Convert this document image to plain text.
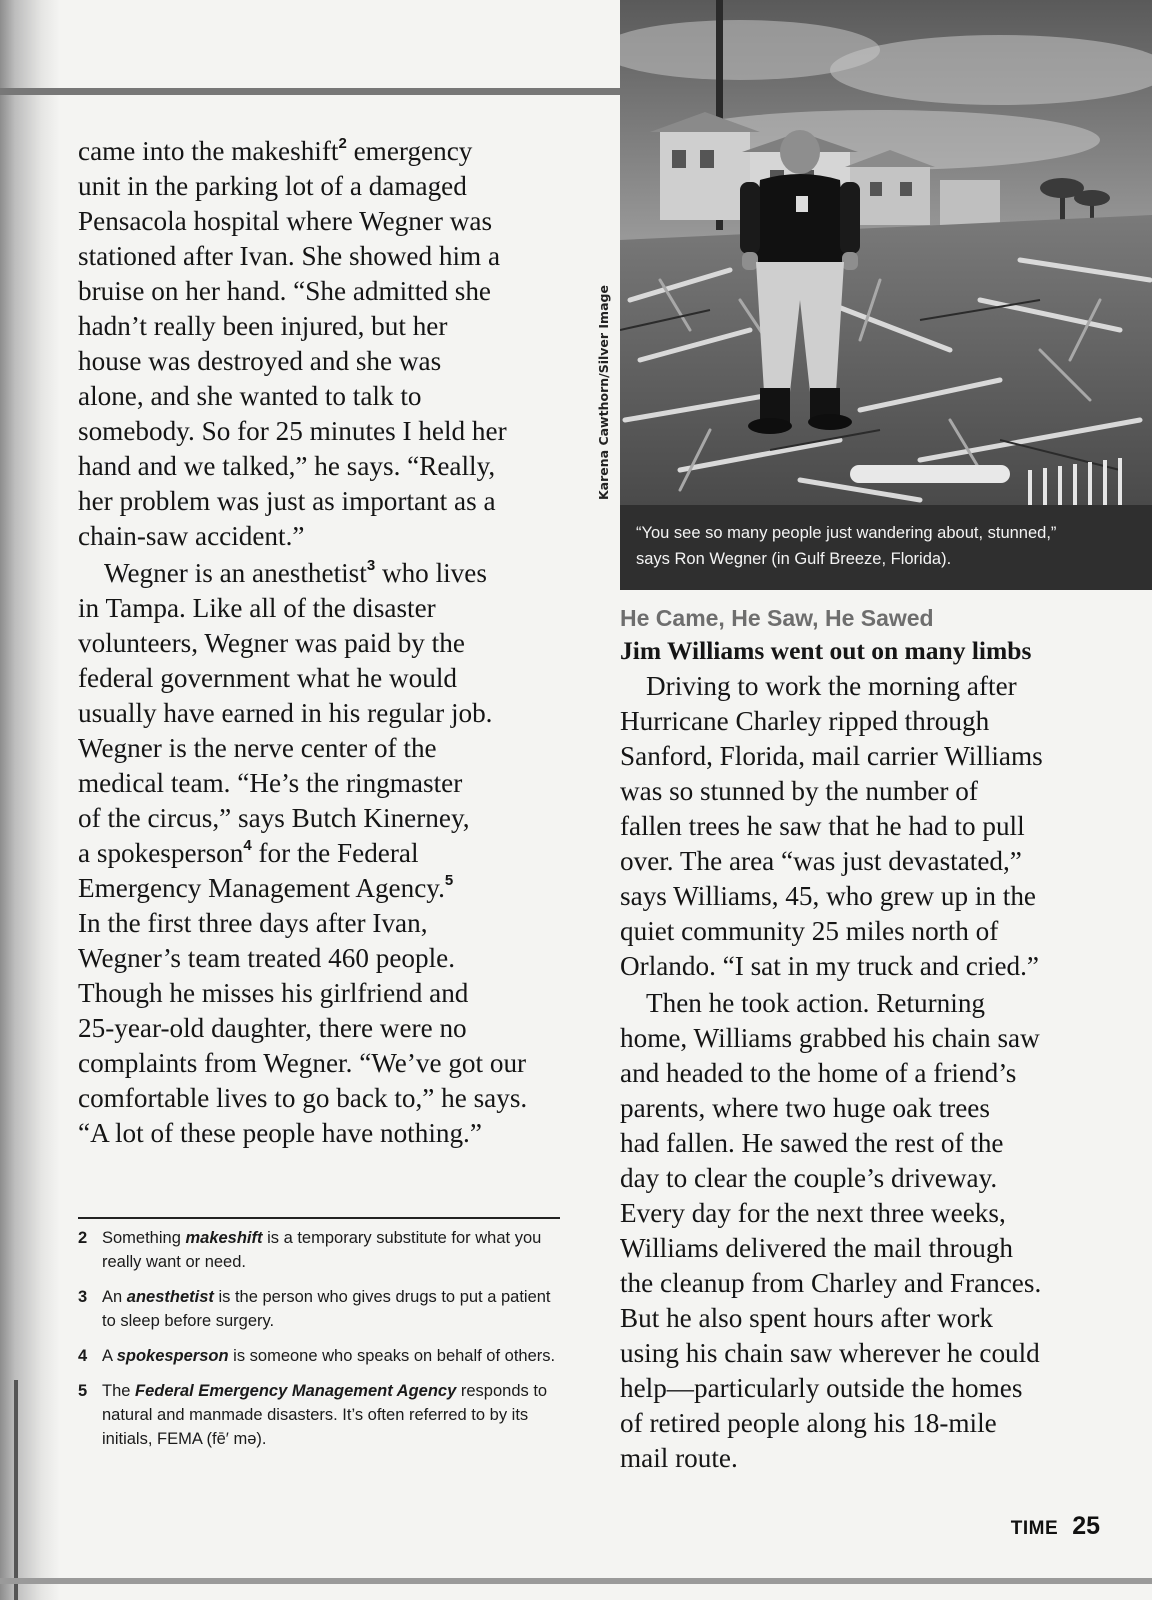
came into the makeshift$^2$ emergency
unit in the parking lot of a damaged
Pensacola hospital where Wegner was
stationed after Ivan. She showed him a
bruise on her hand. “She admitted she
hadn’t really been injured, but her
house was destroyed and she was
alone, and she wanted to talk to
somebody. So for 25 minutes I held her
hand and we talked,” he says. “Really,
her problem was just as important as a
chain-saw accident.”
Wegner is an anesthetist$^3$ who lives
in Tampa. Like all of the disaster
volunteers, Wegner was paid by the
federal government what he would
usually have earned in his regular job.
Wegner is the nerve center of the
medical team. “He’s the ringmaster
of the circus,” says Butch Kinerney,
a spokesperson$^4$ for the Federal
Emergency Management Agency.$^5$
In the first three days after Ivan,
Wegner’s team treated 460 people.
Though he misses his girlfriend and
25-year-old daughter, there were no
complaints from Wegner. “We’ve got our
comfortable lives to go back to,” he says.
“A lot of these people have nothing.”
2 Something makeshift is a temporary substitute for what you really want or need.
3 An anesthetist is the person who gives drugs to put a patient to sleep before surgery.
4 A spokesperson is someone who speaks on behalf of others.
5 The Federal Emergency Management Agency responds to natural and manmade disasters. It’s often referred to by its initials, FEMA (fē′ mə).
Karena Cawthorn/Silver Image
“You see so many people just wandering about, stunned,”
says Ron Wegner (in Gulf Breeze, Florida).
He Came, He Saw, He Sawed
Jim Williams went out on many limbs
Driving to work the morning after
Hurricane Charley ripped through
Sanford, Florida, mail carrier Williams
was so stunned by the number of
fallen trees he saw that he had to pull
over. The area “was just devastated,”
says Williams, 45, who grew up in the
quiet community 25 miles north of
Orlando. “I sat in my truck and cried.”
Then he took action. Returning
home, Williams grabbed his chain saw
and headed to the home of a friend’s
parents, where two huge oak trees
had fallen. He sawed the rest of the
day to clear the couple’s driveway.
Every day for the next three weeks,
Williams delivered the mail through
the cleanup from Charley and Frances.
But he also spent hours after work
using his chain saw wherever he could
help—particularly outside the homes
of retired people along his 18-mile
mail route.
TIME 25
